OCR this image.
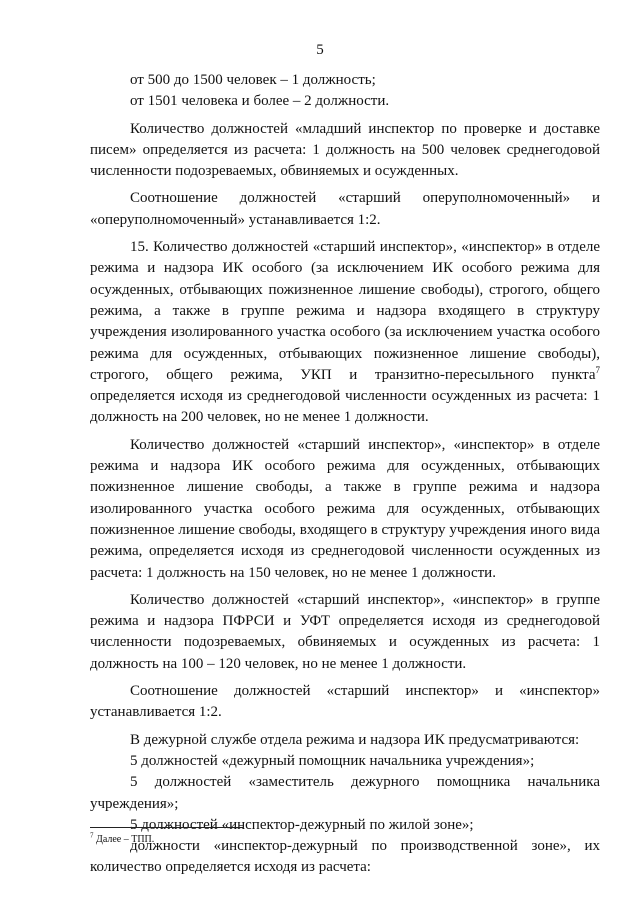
5

от 500 до 1500 человек – 1 должность;

от 1501 человека и более – 2 должности.

Количество должностей «младший инспектор по проверке и доставке писем» определяется из расчета: 1 должность на 500 человек среднегодовой численности подозреваемых, обвиняемых и осужденных.

Соотношение должностей «старший оперуполномоченный» и «оперуполномоченный» устанавливается 1:2.

15. Количество должностей «старший инспектор», «инспектор» в отделе режима и надзора ИК особого (за исключением ИК особого режима для осужденных, отбывающих пожизненное лишение свободы), строгого, общего режима, а также в группе режима и надзора входящего в структуру учреждения изолированного участка особого (за исключением участка особого режима для осужденных, отбывающих пожизненное лишение свободы), строгого, общего режима, УКП и транзитно-пересыльного пункта$^7$ определяется исходя из среднегодовой численности осужденных из расчета: 1 должность на 200 человек, но не менее 1 должности.

Количество должностей «старший инспектор», «инспектор» в отделе режима и надзора ИК особого режима для осужденных, отбывающих пожизненное лишение свободы, а также в группе режима и надзора изолированного участка особого режима для осужденных, отбывающих пожизненное лишение свободы, входящего в структуру учреждения иного вида режима, определяется исходя из среднегодовой численности осужденных из расчета: 1 должность на 150 человек, но не менее 1 должности.

Количество должностей «старший инспектор», «инспектор» в группе режима и надзора ПФРСИ и УФТ определяется исходя из среднегодовой численности подозреваемых, обвиняемых и осужденных из расчета: 1 должность на 100 – 120 человек, но не менее 1 должности.

Соотношение должностей «старший инспектор» и «инспектор» устанавливается 1:2.

В дежурной службе отдела режима и надзора ИК предусматриваются:

5 должностей «дежурный помощник начальника учреждения»;

5 должностей «заместитель дежурного помощника начальника учреждения»;

5 должностей «инспектор-дежурный по жилой зоне»;

должности «инспектор-дежурный по производственной зоне», их количество определяется исходя из расчета:

$^7$ Далее – ТПП.
